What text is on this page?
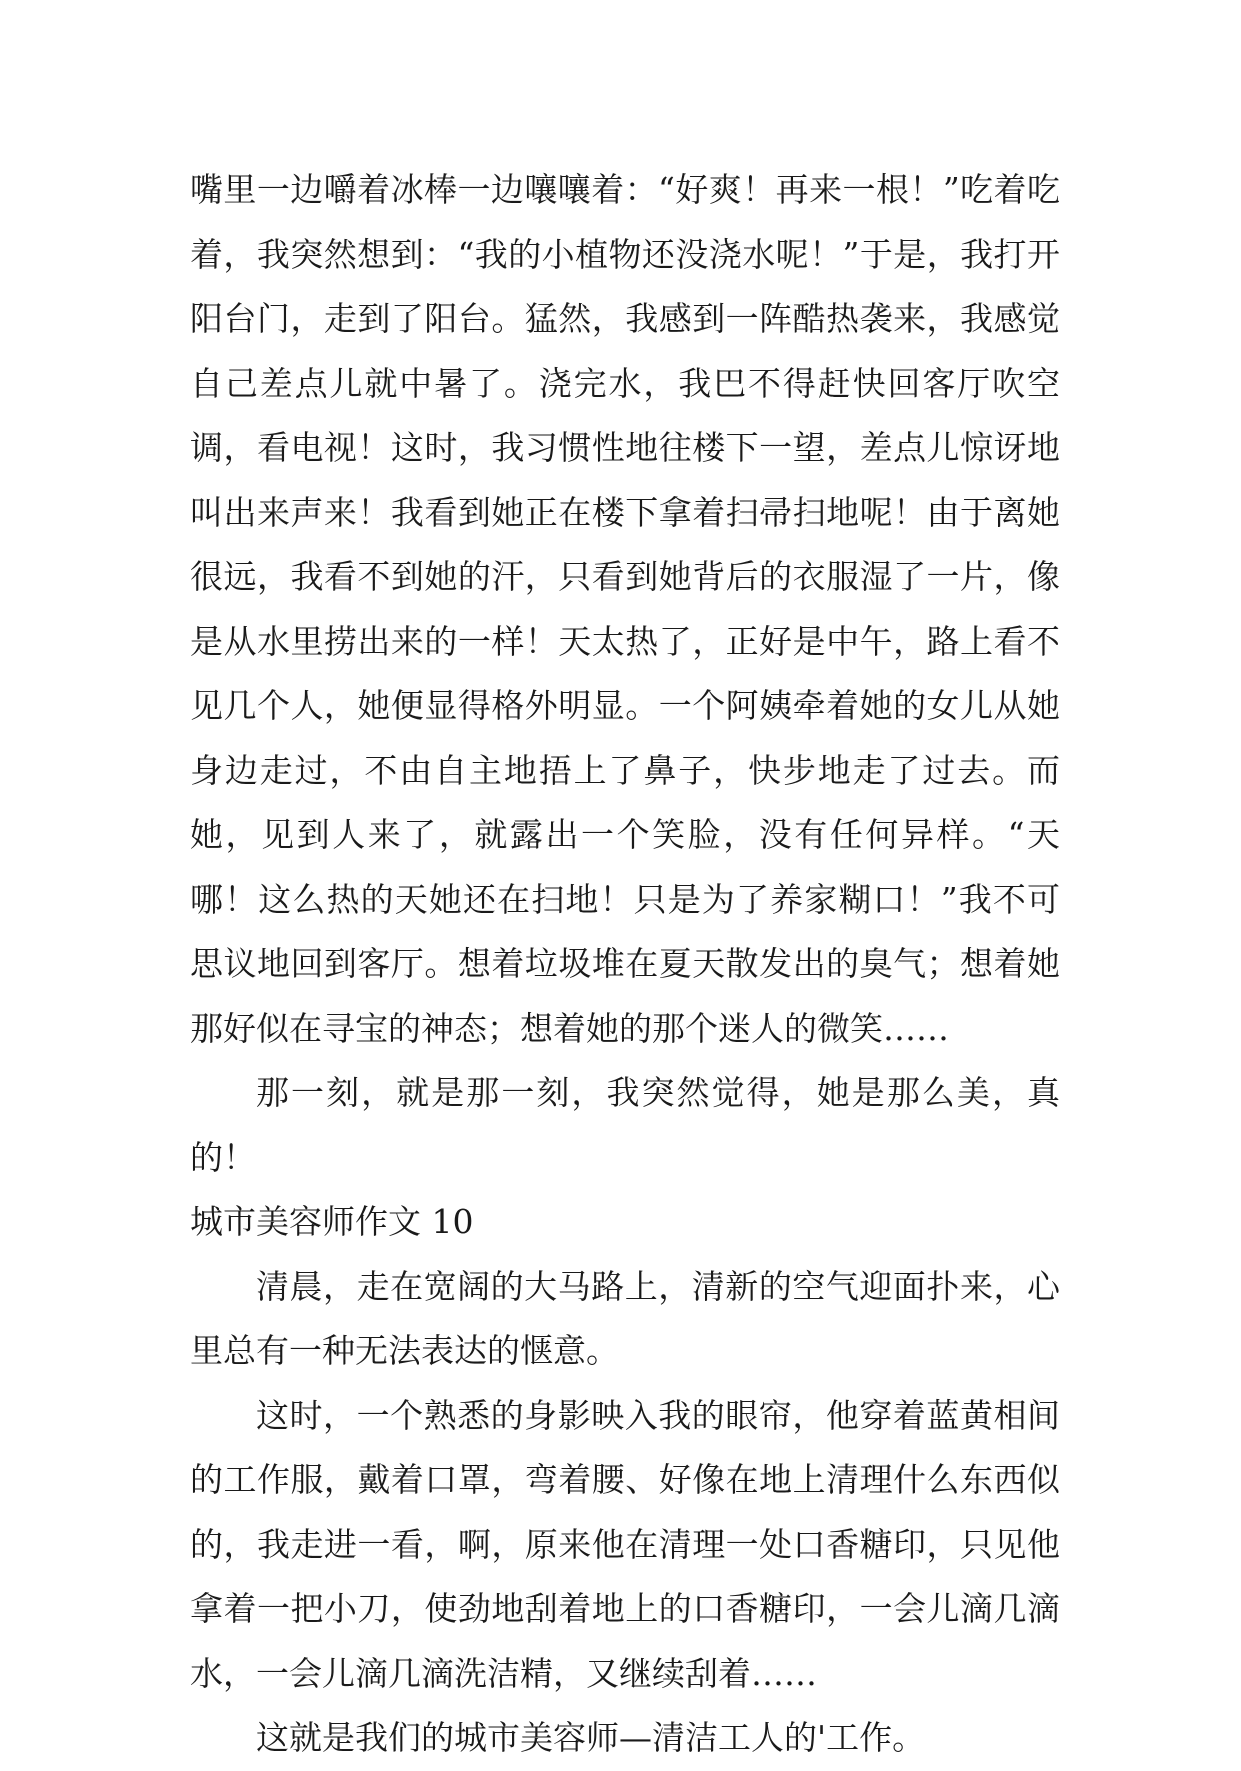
嘴里一边嚼着冰棒一边嚷嚷着：“好爽！再来一根！”吃着吃着，我突然想到：“我的小植物还没浇水呢！”于是，我打开阳台门，走到了阳台。猛然，我感到一阵酷热袭来，我感觉自己差点儿就中暑了。浇完水，我巴不得赶快回客厅吹空调，看电视！这时，我习惯性地往楼下一望，差点儿惊讶地叫出来声来！我看到她正在楼下拿着扫帚扫地呢！由于离她很远，我看不到她的汗，只看到她背后的衣服湿了一片，像是从水里捞出来的一样！天太热了，正好是中午，路上看不见几个人，她便显得格外明显。一个阿姨牵着她的女儿从她身边走过，不由自主地捂上了鼻子，快步地走了过去。而她，见到人来了，就露出一个笑脸，没有任何异样。“天哪！这么热的天她还在扫地！只是为了养家糊口！”我不可思议地回到客厅。想着垃圾堆在夏天散发出的臭气；想着她那好似在寻宝的神态；想着她的那个迷人的微笑……

那一刻，就是那一刻，我突然觉得，她是那么美，真的！

城市美容师作文 10

清晨，走在宽阔的大马路上，清新的空气迎面扑来，心里总有一种无法表达的惬意。

这时，一个熟悉的身影映入我的眼帘，他穿着蓝黄相间的工作服，戴着口罩，弯着腰、好像在地上清理什么东西似的，我走进一看，啊，原来他在清理一处口香糖印，只见他拿着一把小刀，使劲地刮着地上的口香糖印，一会儿滴几滴水，一会儿滴几滴洗洁精，又继续刮着……

这就是我们的城市美容师—清洁工人的'工作。
